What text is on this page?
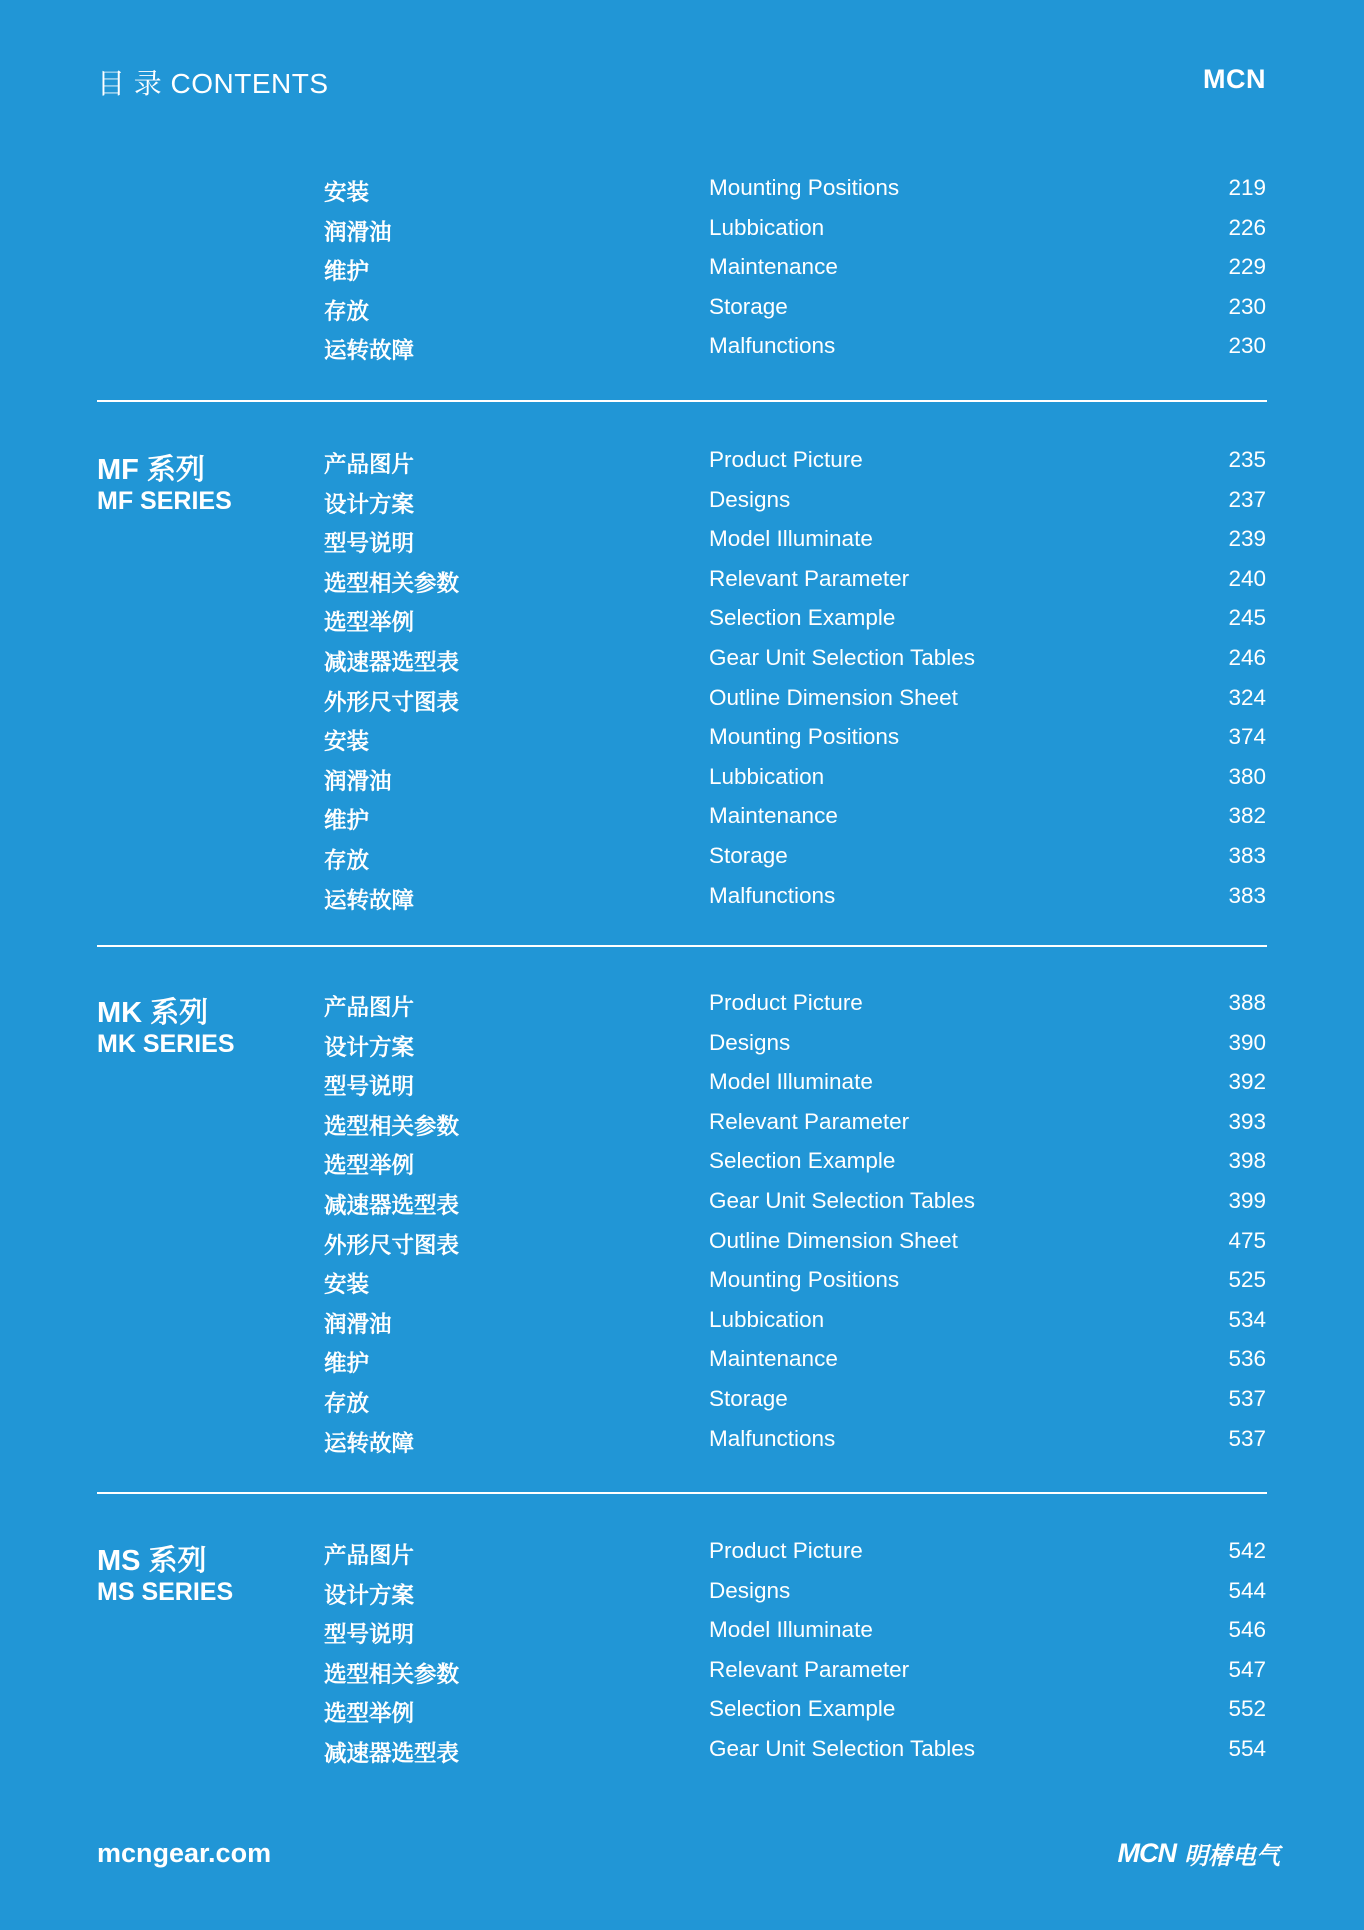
目 录 CONTENTS	MCN
安装	Mounting Positions	219
润滑油	Lubbication	226
维护	Maintenance	229
存放	Storage	230
运转故障	Malfunctions	230
MF 系列
MF SERIES
产品图片	Product Picture	235
设计方案	Designs	237
型号说明	Model Illuminate	239
选型相关参数	Relevant Parameter	240
选型举例	Selection Example	245
减速器选型表	Gear Unit Selection Tables	246
外形尺寸图表	Outline Dimension Sheet	324
安装	Mounting Positions	374
润滑油	Lubbication	380
维护	Maintenance	382
存放	Storage	383
运转故障	Malfunctions	383
MK 系列
MK SERIES
产品图片	Product Picture	388
设计方案	Designs	390
型号说明	Model Illuminate	392
选型相关参数	Relevant Parameter	393
选型举例	Selection Example	398
减速器选型表	Gear Unit Selection Tables	399
外形尺寸图表	Outline Dimension Sheet	475
安装	Mounting Positions	525
润滑油	Lubbication	534
维护	Maintenance	536
存放	Storage	537
运转故障	Malfunctions	537
MS 系列
MS SERIES
产品图片	Product Picture	542
设计方案	Designs	544
型号说明	Model Illuminate	546
选型相关参数	Relevant Parameter	547
选型举例	Selection Example	552
减速器选型表	Gear Unit Selection Tables	554
mcngear.com	MCN 明椿电气
